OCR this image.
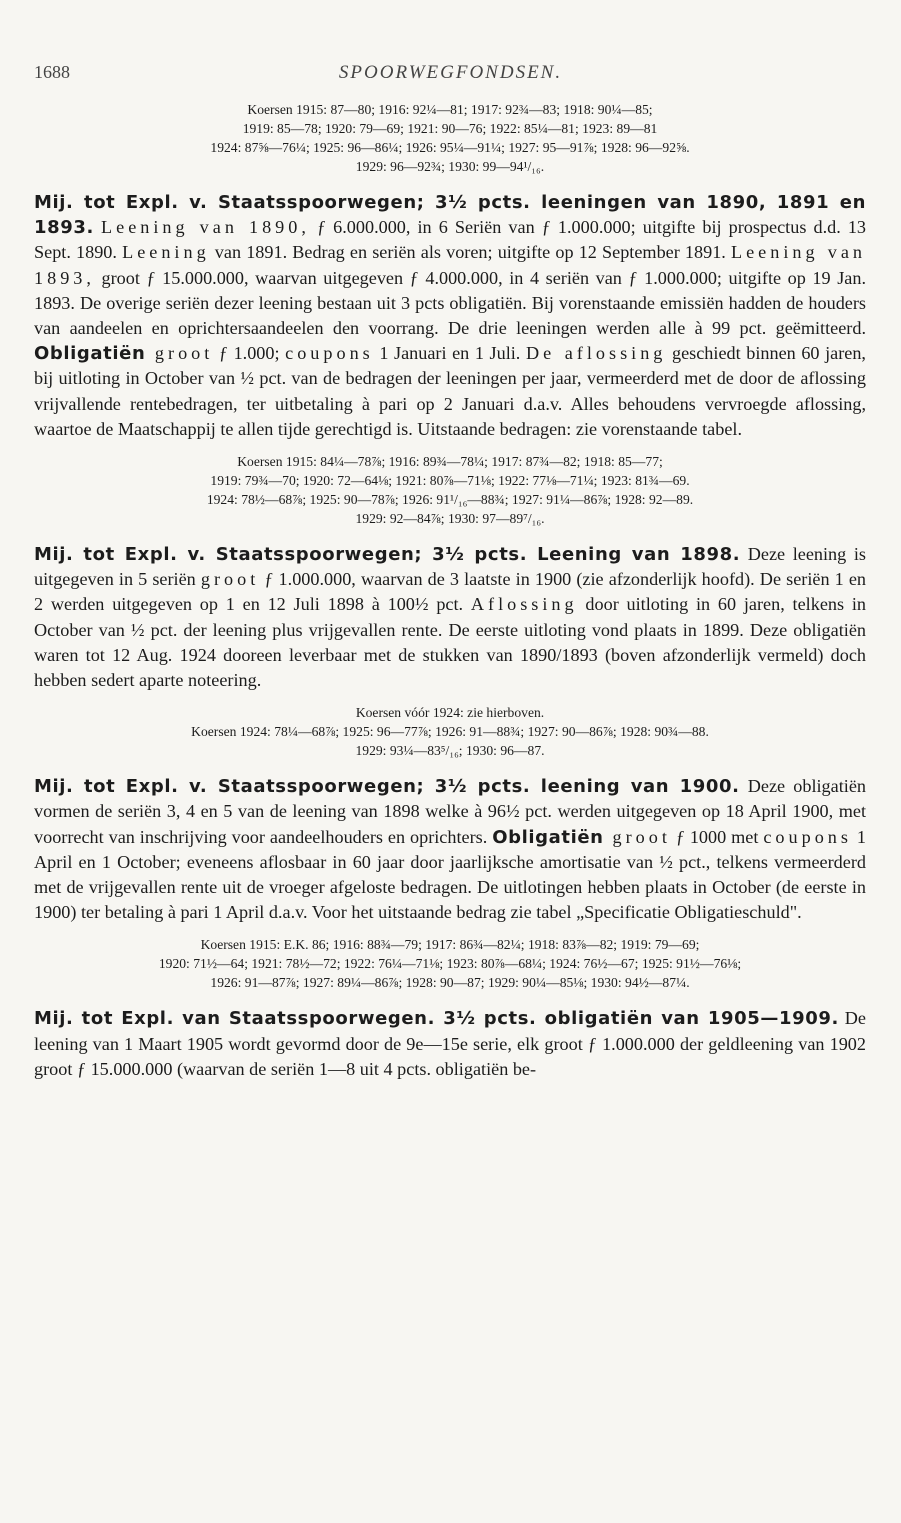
1688	SPOORWEGFONDSEN.
Koersen 1915: 87—80; 1916: 92¼—81; 1917: 92¾—83; 1918: 90¼—85;
1919: 85—78; 1920: 79—69; 1921: 90—76; 1922: 85¼—81; 1923: 89—81
1924: 87⅝—76¼; 1925: 96—86¼; 1926: 95¼—91¼; 1927: 95—91⅞; 1928: 96—92⅝.
1929: 96—92¾; 1930: 99—94¹/₁₆.

Mij. tot Expl. v. Staatsspoorwegen; 3½ pcts. leeningen van 1890, 1891 en 1893. Leening van 1890, ƒ 6.000.000, in 6 Seriën van ƒ 1.000.000; uitgifte bij prospectus d.d. 13 Sept. 1890. Leening van 1891. Bedrag en seriën als voren; uitgifte op 12 September 1891. Leening van 1893, groot ƒ 15.000.000, waarvan uitgegeven ƒ 4.000.000, in 4 seriën van ƒ 1.000.000; uitgifte op 19 Jan. 1893. De overige seriën dezer leening bestaan uit 3 pcts obligatiën. Bij vorenstaande emissiën hadden de houders van aandeelen en oprichtersaandeelen den voorrang. De drie leeningen werden alle à 99 pct. geëmitteerd. Obligatiën groot ƒ 1.000; coupons 1 Januari en 1 Juli. De aflossing geschiedt binnen 60 jaren, bij uitloting in October van ½ pct. van de bedragen der leeningen per jaar, vermeerderd met de door de aflossing vrijvallende rentebedragen, ter uitbetaling à pari op 2 Januari d.a.v. Alles behoudens vervroegde aflossing, waartoe de Maatschappij te allen tijde gerechtigd is. Uitstaande bedragen: zie vorenstaande tabel.

Koersen 1915: 84¼—78⅞; 1916: 89¾—78¼; 1917: 87¾—82; 1918: 85—77;
1919: 79¾—70; 1920: 72—64⅛; 1921: 80⅞—71⅛; 1922: 77⅛—71¼; 1923: 81¾—69.
1924: 78½—68⅞; 1925: 90—78⅞; 1926: 91¹/₁₆—88¾; 1927: 91¼—86⅞; 1928: 92—89.
1929: 92—84⅞; 1930: 97—89⁷/₁₆.

Mij. tot Expl. v. Staatsspoorwegen; 3½ pcts. Leening van 1898. Deze leening is uitgegeven in 5 seriën groot ƒ 1.000.000, waarvan de 3 laatste in 1900 (zie afzonderlijk hoofd). De seriën 1 en 2 werden uitgegeven op 1 en 12 Juli 1898 à 100½ pct. Aflossing door uitloting in 60 jaren, telkens in October van ½ pct. der leening plus vrijgevallen rente. De eerste uitloting vond plaats in 1899. Deze obligatiën waren tot 12 Aug. 1924 dooreen leverbaar met de stukken van 1890/1893 (boven afzonderlijk vermeld) doch hebben sedert aparte noteering.

Koersen vóór 1924: zie hierboven.
Koersen 1924: 78¼—68⅞; 1925: 96—77⅞; 1926: 91—88¾; 1927: 90—86⅞; 1928: 90¾—88.
1929: 93¼—83⁵/₁₆; 1930: 96—87.

Mij. tot Expl. v. Staatsspoorwegen; 3½ pcts. leening van 1900. Deze obligatiën vormen de seriën 3, 4 en 5 van de leening van 1898 welke à 96½ pct. werden uitgegeven op 18 April 1900, met voorrecht van inschrijving voor aandeelhouders en oprichters. Obligatiën groot ƒ 1000 met coupons 1 April en 1 October; eveneens aflosbaar in 60 jaar door jaarlijksche amortisatie van ½ pct., telkens vermeerderd met de vrijgevallen rente uit de vroeger afgeloste bedragen. De uitlotingen hebben plaats in October (de eerste in 1900) ter betaling à pari 1 April d.a.v. Voor het uitstaande bedrag zie tabel „Specificatie Obligatieschuld".

Koersen 1915: E.K. 86; 1916: 88¾—79; 1917: 86¾—82¼; 1918: 83⅞—82; 1919: 79—69;
1920: 71½—64; 1921: 78½—72; 1922: 76¼—71⅛; 1923: 80⅞—68¼; 1924: 76½—67; 1925: 91½—76⅛;
1926: 91—87⅞; 1927: 89¼—86⅞; 1928: 90—87; 1929: 90¼—85⅛; 1930: 94½—87¼.

Mij. tot Expl. van Staatsspoorwegen. 3½ pcts. obligatiën van 1905—1909. De leening van 1 Maart 1905 wordt gevormd door de 9e—15e serie, elk groot ƒ 1.000.000 der geldleening van 1902 groot ƒ 15.000.000 (waarvan de seriën 1—8 uit 4 pcts. obligatiën be-
